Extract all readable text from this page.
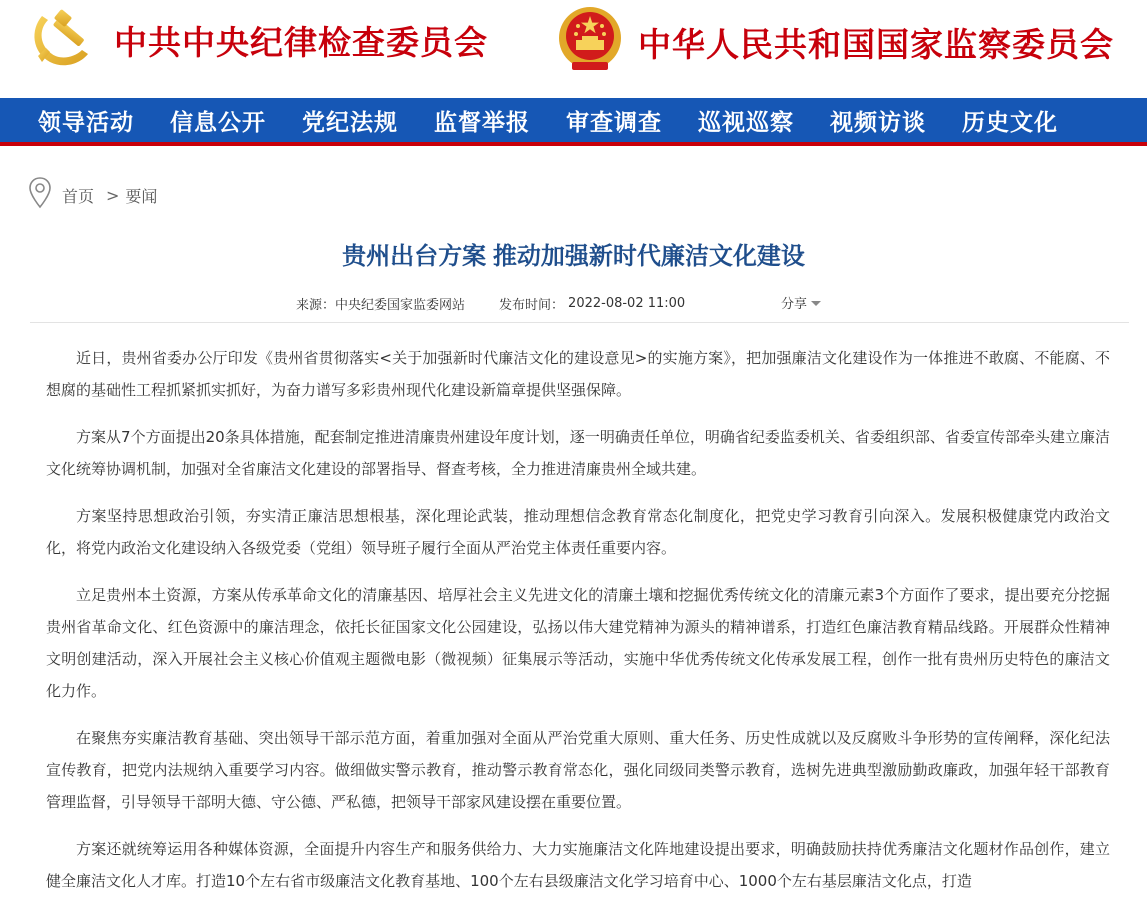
中共中央纪律检查委员会	中华人民共和国国家监察委员会
领导活动 信息公开 党纪法规 监督举报 审查调查 巡视巡察 视频访谈 历史文化
首页 > 要闻
贵州出台方案 推动加强新时代廉洁文化建设
来源： 中央纪委国家监委网站	发布时间： 2022-08-02 11:00	分享

近日，贵州省委办公厅印发《贵州省贯彻落实<关于加强新时代廉洁文化的建设意见>的实施方案》，把加强廉洁文化建设作为一体推进不敢腐、不能腐、不想腐的基础性工程抓紧抓实抓好，为奋力谱写多彩贵州现代化建设新篇章提供坚强保障。

方案从7个方面提出20条具体措施，配套制定推进清廉贵州建设年度计划，逐一明确责任单位，明确省纪委监委机关、省委组织部、省委宣传部牵头建立廉洁文化统筹协调机制，加强对全省廉洁文化建设的部署指导、督查考核，全力推进清廉贵州全域共建。

方案坚持思想政治引领，夯实清正廉洁思想根基，深化理论武装，推动理想信念教育常态化制度化，把党史学习教育引向深入。发展积极健康党内政治文化，将党内政治文化建设纳入各级党委（党组）领导班子履行全面从严治党主体责任重要内容。

立足贵州本土资源，方案从传承革命文化的清廉基因、培厚社会主义先进文化的清廉土壤和挖掘优秀传统文化的清廉元素3个方面作了要求，提出要充分挖掘贵州省革命文化、红色资源中的廉洁理念，依托长征国家文化公园建设，弘扬以伟大建党精神为源头的精神谱系，打造红色廉洁教育精品线路。开展群众性精神文明创建活动，深入开展社会主义核心价值观主题微电影（微视频）征集展示等活动，实施中华优秀传统文化传承发展工程，创作一批有贵州历史特色的廉洁文化力作。

在聚焦夯实廉洁教育基础、突出领导干部示范方面，着重加强对全面从严治党重大原则、重大任务、历史性成就以及反腐败斗争形势的宣传阐释，深化纪法宣传教育，把党内法规纳入重要学习内容。做细做实警示教育，推动警示教育常态化，强化同级同类警示教育，选树先进典型激励勤政廉政，加强年轻干部教育管理监督，引导领导干部明大德、守公德、严私德，把领导干部家风建设摆在重要位置。

方案还就统筹运用各种媒体资源，全面提升内容生产和服务供给力、大力实施廉洁文化阵地建设提出要求，明确鼓励扶持优秀廉洁文化题材作品创作，建立健全廉洁文化人才库。打造10个左右省市级廉洁文化教育基地、100个左右县级廉洁文化学习培育中心、1000个左右基层廉洁文化点，打造
